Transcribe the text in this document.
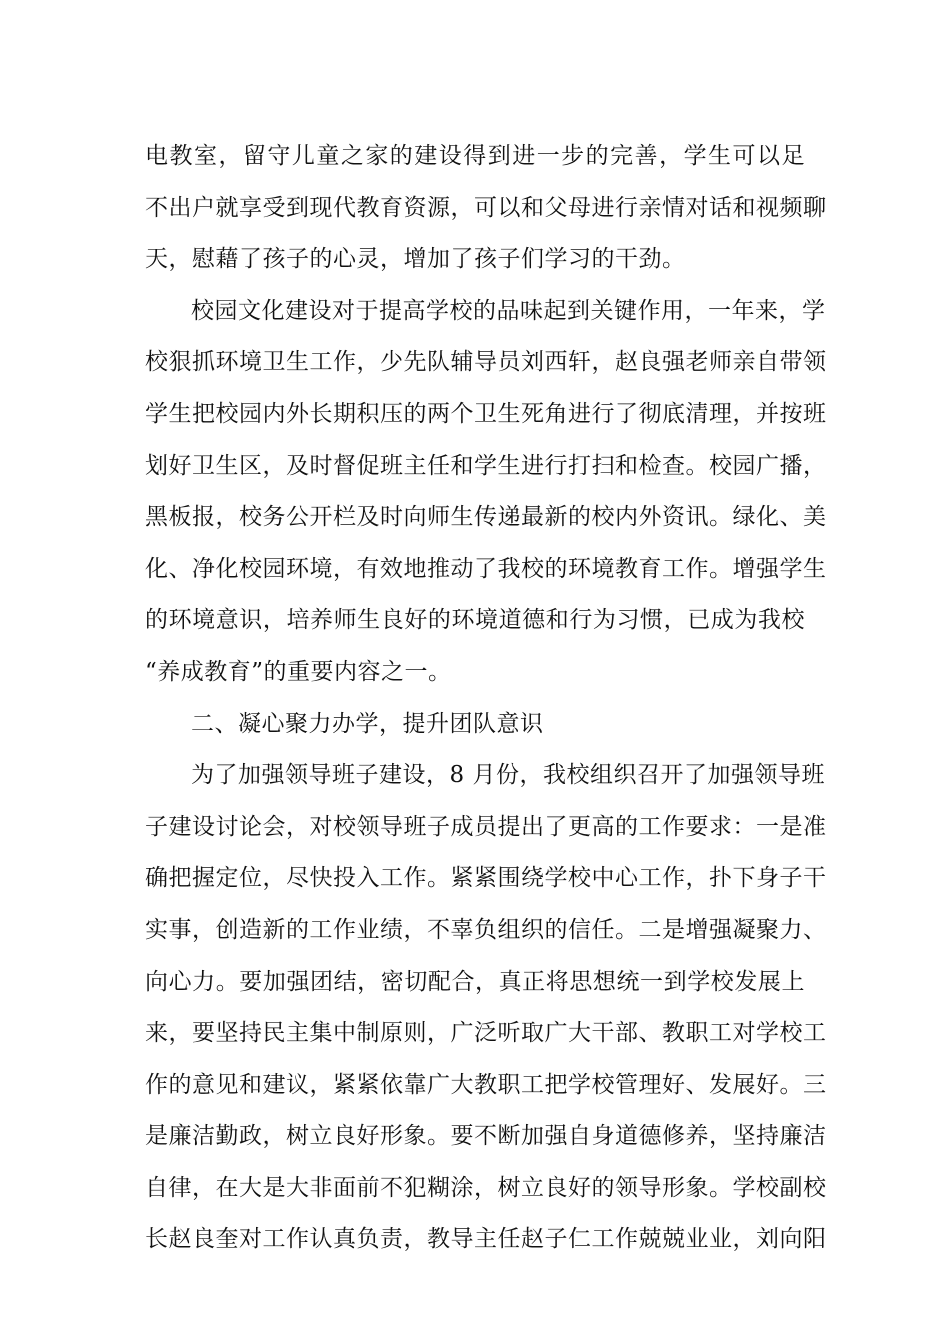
电教室，留守儿童之家的建设得到进一步的完善，学生可以足
不出户就享受到现代教育资源，可以和父母进行亲情对话和视频聊
天，慰藉了孩子的心灵，增加了孩子们学习的干劲。
校园文化建设对于提高学校的品味起到关键作用，一年来，学
校狠抓环境卫生工作，少先队辅导员刘西轩，赵良强老师亲自带领
学生把校园内外长期积压的两个卫生死角进行了彻底清理，并按班
划好卫生区，及时督促班主任和学生进行打扫和检查。校园广播，
黑板报，校务公开栏及时向师生传递最新的校内外资讯。绿化、美
化、净化校园环境，有效地推动了我校的环境教育工作。增强学生
的环境意识，培养师生良好的环境道德和行为习惯，已成为我校
“养成教育”的重要内容之一。
二、凝心聚力办学，提升团队意识
为了加强领导班子建设，8 月份，我校组织召开了加强领导班
子建设讨论会，对校领导班子成员提出了更高的工作要求：一是准
确把握定位，尽快投入工作。紧紧围绕学校中心工作，扑下身子干
实事，创造新的工作业绩，不辜负组织的信任。二是增强凝聚力、
向心力。要加强团结，密切配合，真正将思想统一到学校发展上
来，要坚持民主集中制原则，广泛听取广大干部、教职工对学校工
作的意见和建议，紧紧依靠广大教职工把学校管理好、发展好。三
是廉洁勤政，树立良好形象。要不断加强自身道德修养，坚持廉洁
自律，在大是大非面前不犯糊涂，树立良好的领导形象。学校副校
长赵良奎对工作认真负责，教导主任赵子仁工作兢兢业业，刘向阳
